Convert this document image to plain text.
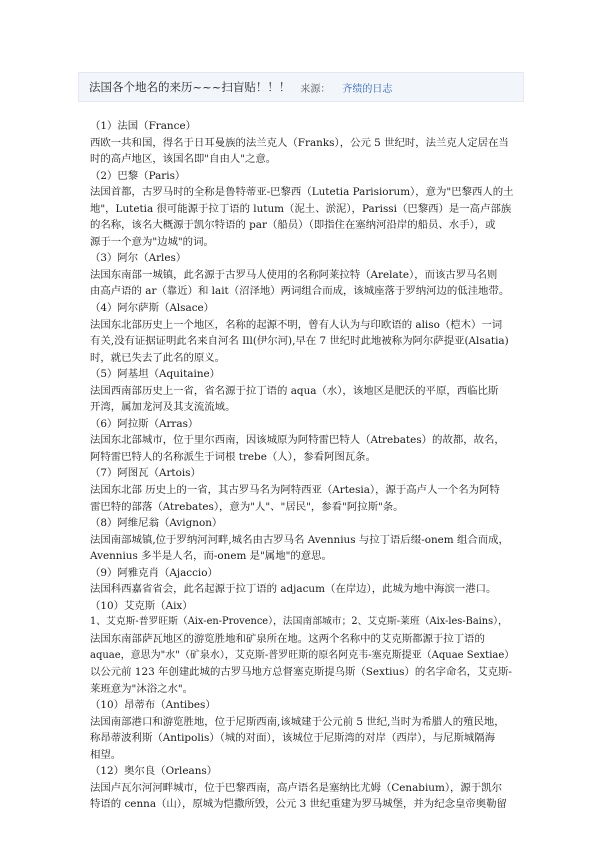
法国各个地名的来历~~~扫盲贴！！！ 来源： 齐绩的日志

（1）法国（France）

西欧一共和国，得名于日耳曼族的法兰克人（Franks），公元 5 世纪时，法兰克人定居在当

时的高卢地区，该国名即"自由人"之意。

（2）巴黎（Paris）

法国首都，古罗马时的全称是鲁特蒂亚-巴黎西（Lutetia Parisiorum），意为"巴黎西人的土

地"，Lutetia 很可能源于拉丁语的 lutum（泥土、淤泥），Parissi（巴黎西）是一高卢部族

的名称，该名大概源于凯尔特语的 par（船员）（即指住在塞纳河沿岸的船员、水手），或

源于一个意为"边城"的词。

（3）阿尔（Arles）

法国东南部一城镇，此名源于古罗马人使用的名称阿莱拉特（Arelate），而该古罗马名则

由高卢语的 ar（靠近）和 lait（沼泽地）两词组合而成，该城座落于罗纳河边的低洼地带。

（4）阿尔萨斯（Alsace）

法国东北部历史上一个地区，名称的起源不明，曾有人认为与印欧语的 aliso（桤木）一词

有关,没有证据证明此名来自河名 Ill(伊尔河),早在 7 世纪时此地被称为阿尔萨提亚(Alsatia)

时，就已失去了此名的原义。

（5）阿基坦（Aquitaine）

法国西南部历史上一省，省名源于拉丁语的 aqua（水），该地区是肥沃的平原，西临比斯

开湾，属加龙河及其支流流域。

（6）阿拉斯（Arras）

法国东北部城市，位于里尔西南，因该城原为阿特雷巴特人（Atrebates）的故都，故名，

阿特雷巴特人的名称派生于词根 trebe（人），参看阿图瓦条。

（7）阿图瓦（Artois）

法国东北部 历史上的一省，其古罗马名为阿特西亚（Artesia），源于高卢人一个名为阿特

雷巴特的部落（Atrebates），意为"人"、"居民"，参看"阿拉斯"条。

（8）阿维尼翁（Avignon）

法国南部城镇,位于罗纳河河畔,城名由古罗马名 Avennius 与拉丁语后缀-onem 组合而成，

Avennius 多半是人名，而-onem 是"属地"的意思。

（9）阿雅克肖（Ajaccio）

法国科西嘉省省会，此名起源于拉丁语的 adjacum（在岸边），此城为地中海滨一港口。

（10）艾克斯（Aix）

1、艾克斯-普罗旺斯（Aix-en-Provence），法国南部城市；2、艾克斯-莱班（Aix-les-Bains），

法国东南部萨瓦地区的游览胜地和矿泉所在地。这两个名称中的艾克斯都源于拉丁语的

aquae，意思为"水"（矿泉水），艾克斯-普罗旺斯的原名阿克韦-塞克斯提亚（Aquae Sextiae）

以公元前 123 年创建此城的古罗马地方总督塞克斯提乌斯（Sextius）的名字命名，艾克斯-

莱班意为"沐浴之水"。

（10）昂蒂布（Antibes）

法国南部港口和游览胜地，位于尼斯西南,该城建于公元前 5 世纪,当时为希腊人的殖民地，

称昂蒂波利斯（Antipolis）（城的对面），该城位于尼斯湾的对岸（西岸），与尼斯城隔海

相望。

（12）奥尔良（Orleans）

法国卢瓦尔河河畔城市，位于巴黎西南，高卢语名是塞纳比尤姆（Cenabium），源于凯尔

特语的 cenna（山），原城为恺撒所毁，公元 3 世纪重建为罗马城堡，并为纪念皇帝奥勒留
